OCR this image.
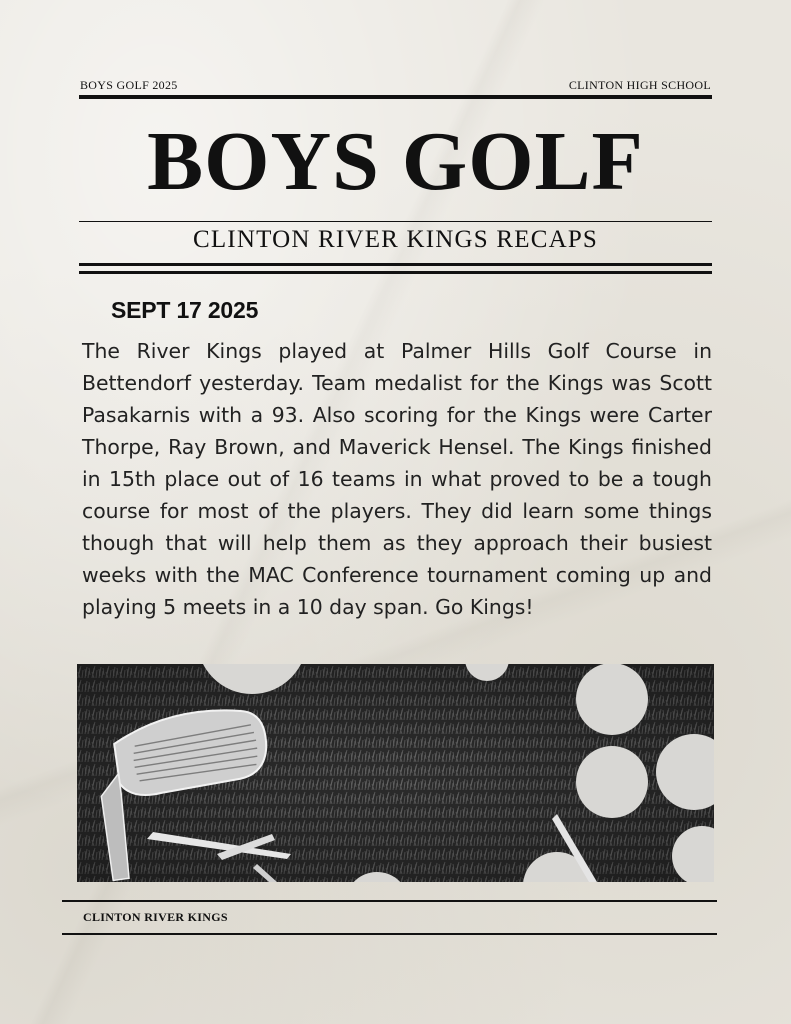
BOYS GOLF 2025	CLINTON HIGH SCHOOL
BOYS GOLF
CLINTON RIVER KINGS RECAPS
SEPT 17 2025
The River Kings played at Palmer Hills Golf Course in Bettendorf yesterday. Team medalist for the Kings was Scott Pasakarnis with a 93. Also scoring for the Kings were Carter Thorpe, Ray Brown, and Maverick Hensel. The Kings finished in 15th place out of 16 teams in what proved to be a tough course for most of the players. They did learn some things though that will help them as they approach their busiest weeks with the MAC Conference tournament coming up and playing 5 meets in a 10 day span. Go Kings!
CLINTON RIVER KINGS
